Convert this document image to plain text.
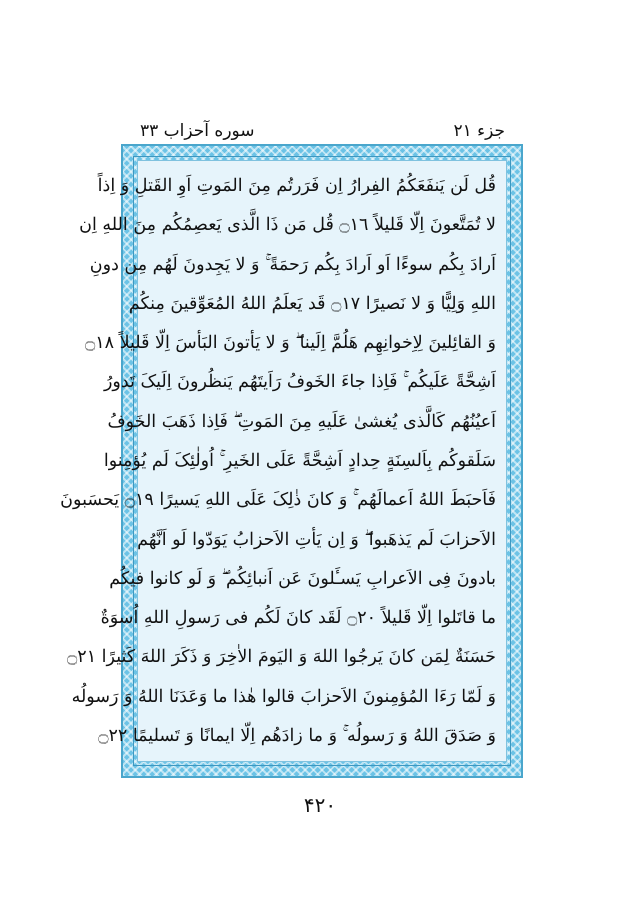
جزء ۲۱
سوره آحزاب ۳۳
قُل لَن یَنفَعَکُمُ الفِرارُ اِن فَرَرتُم مِنَ المَوتِ اَوِ القَتلِ وَ اِذاً
لا تُمَتَّعونَ اِلّا قَلیلاً ۝١٦ قُل مَن ذَا الَّذی یَعصِمُکُم مِنَ اللهِ اِن
اَرادَ بِکُم سوءًا اَو اَرادَ بِکُم رَحمَةً ۚ وَ لا یَجِدونَ لَهُم مِن دونِ
اللهِ وَلِیًّا وَ لا نَصیرًا ۝١٧ قَد یَعلَمُ اللهُ المُعَوِّقینَ مِنکُم
وَ القائِلینَ لِاِخوانِهِم هَلُمَّ اِلَینا ۖ وَ لا یَأتونَ البَأسَ اِلّا قَلیلاً ۝١٨
اَشِحَّةً عَلَیکُم ۚ فَاِذا جاءَ الخَوفُ رَاَیتَهُم یَنظُرونَ اِلَیکَ تَدورُ
اَعیُنُهُم کَالَّذی یُغشیٰ عَلَیهِ مِنَ المَوتِ ۖ فَاِذا ذَهَبَ الخَوفُ
سَلَقوکُم بِاَلسِنَةٍ حِدادٍ اَشِحَّةً عَلَی الخَیرِ ۚ اُولٰئِکَ لَم یُؤمِنوا
فَاَحبَطَ اللهُ اَعمالَهُم ۚ وَ کانَ ذٰلِکَ عَلَی اللهِ یَسیرًا ۝١٩ یَحسَبونَ
الاَحزابَ لَم یَذهَبوا ۖ وَ اِن یَأتِ الاَحزابُ یَوَدّوا لَو اَنَّهُم
بادونَ فِی الاَعرابِ یَسـَٔلونَ عَن اَنبائِکُم ۖ وَ لَو کانوا فیکُم
ما قاتَلوا اِلّا قَلیلاً ۝٢٠ لَقَد کانَ لَکُم فی رَسولِ اللهِ اُسوَةٌ
حَسَنَةٌ لِمَن کانَ یَرجُوا اللهَ وَ الیَومَ الاٰخِرَ وَ ذَکَرَ اللهَ کَثیرًا ۝٢١
وَ لَمّا رَءَا المُؤمِنونَ الاَحزابَ قالوا هٰذا ما وَعَدَنَا اللهُ وَ رَسولُه
وَ صَدَقَ اللهُ وَ رَسولُه ۚ وَ ما زادَهُم اِلّا ایمانًا وَ تَسلیمًا ۝٢٢
۴۲۰
